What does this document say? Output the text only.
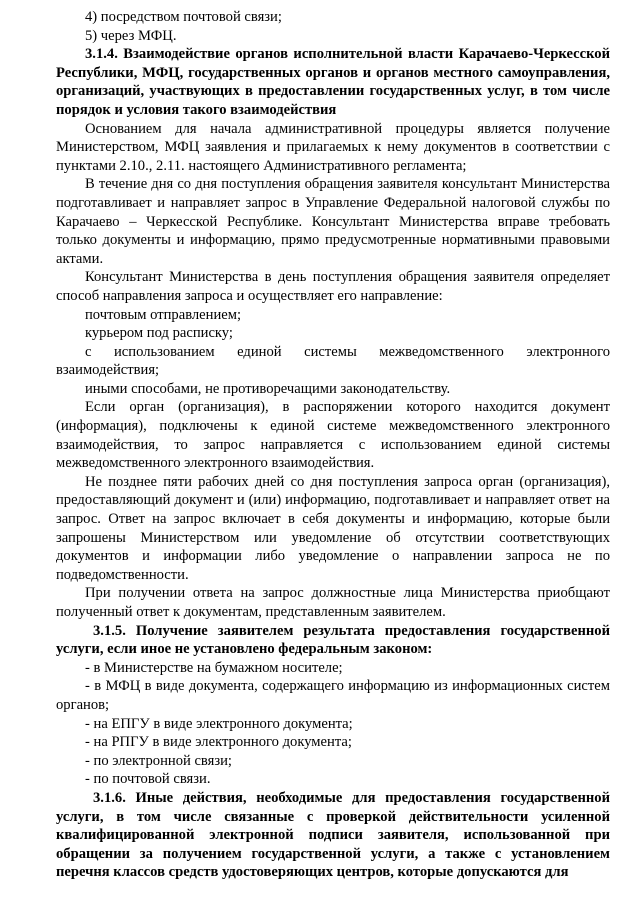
4) посредством почтовой связи;

5) через МФЦ.

3.1.4. Взаимодействие органов исполнительной власти Карачаево-Черкесской Республики, МФЦ, государственных органов и органов местного самоуправления, организаций, участвующих в предоставлении государственных услуг, в том числе порядок и условия такого взаимодействия

Основанием для начала административной процедуры является получение Министерством, МФЦ заявления и прилагаемых к нему документов в соответствии с пунктами 2.10., 2.11. настоящего Административного регламента;

В течение дня со дня поступления обращения заявителя консультант Министерства подготавливает и направляет запрос в Управление Федеральной налоговой службы по Карачаево – Черкесской Республике. Консультант Министерства вправе требовать только документы и информацию, прямо предусмотренные нормативными правовыми актами.

Консультант Министерства в день поступления обращения заявителя определяет способ направления запроса и осуществляет его направление:

почтовым отправлением;

курьером под расписку;

с использованием единой системы межведомственного электронного взаимодействия;

иными способами, не противоречащими законодательству.

Если орган (организация), в распоряжении которого находится документ (информация), подключены к единой системе межведомственного электронного взаимодействия, то запрос направляется с использованием единой системы межведомственного электронного взаимодействия.

Не позднее пяти рабочих дней со дня поступления запроса орган (организация), предоставляющий документ и (или) информацию, подготавливает и направляет ответ на запрос. Ответ на запрос включает в себя документы и информацию, которые были запрошены Министерством или уведомление об отсутствии соответствующих документов и информации либо уведомление о направлении запроса не по подведомственности.

При получении ответа на запрос должностные лица Министерства приобщают полученный ответ к документам, представленным заявителем.

3.1.5. Получение заявителем результата предоставления государственной услуги, если иное не установлено федеральным законом:

- в Министерстве на бумажном носителе;

- в МФЦ в виде документа, содержащего информацию из информационных систем органов;

- на ЕПГУ в виде электронного документа;

- на РПГУ в виде электронного документа;

- по электронной связи;

- по почтовой связи.

3.1.6. Иные действия, необходимые для предоставления государственной услуги, в том числе связанные с проверкой действительности усиленной квалифицированной электронной подписи заявителя, использованной при обращении за получением государственной услуги, а также с установлением перечня классов средств удостоверяющих центров, которые допускаются для
